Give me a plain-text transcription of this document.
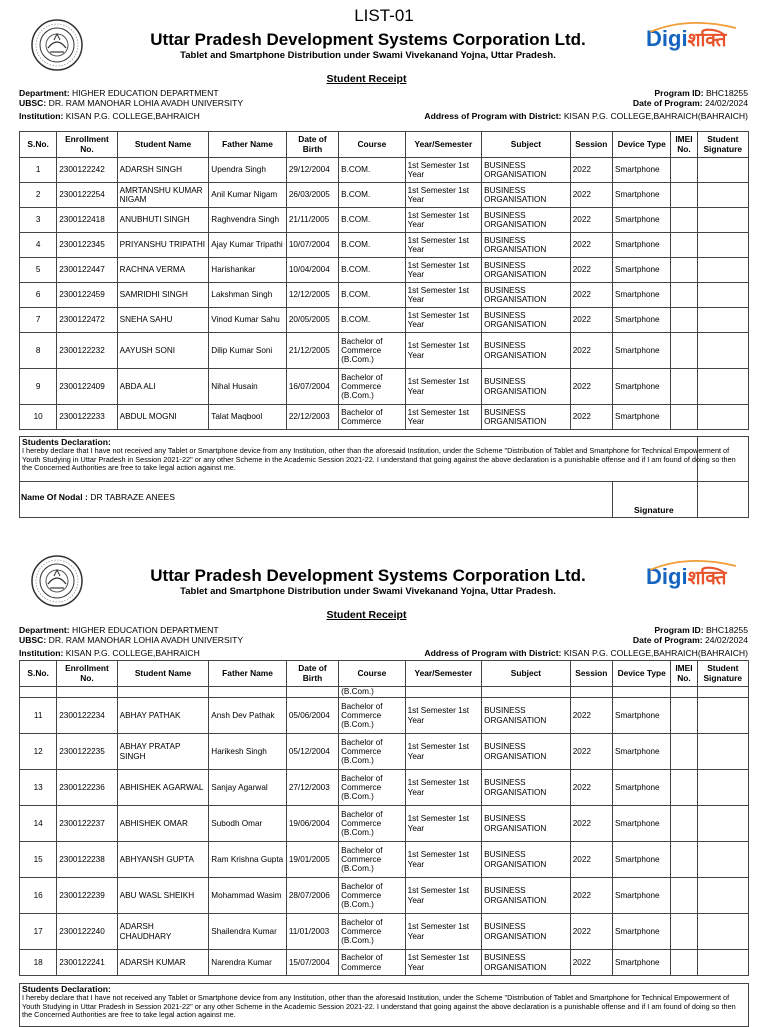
LIST-01
Digiशक्ति
Uttar Pradesh Development Systems Corporation Ltd.
Tablet and Smartphone Distribution under Swami Vivekanand Yojna, Uttar Pradesh.
Student Receipt
Department: HIGHER EDUCATION DEPARTMENT
UBSC: DR. RAM MANOHAR LOHIA AVADH UNIVERSITY
Institution: KISAN P.G. COLLEGE,BAHRAICH
Program ID: BHC18255
Date of Program: 24/02/2024
Address of Program with District: KISAN P.G. COLLEGE,BAHRAICH(BAHRAICH)
S.No.	Enrollment No.	Student Name	Father Name	Date of Birth	Course	Year/Semester	Subject	Session	Device Type	IMEI No.	Student Signature
1	2300122242	ADARSH SINGH	Upendra Singh	29/12/2004	B.COM.	1st Semester 1st Year	BUSINESS ORGANISATION	2022	Smartphone		
2	2300122254	AMRTANSHU KUMAR NIGAM	Anil Kumar Nigam	26/03/2005	B.COM.	1st Semester 1st Year	BUSINESS ORGANISATION	2022	Smartphone		
3	2300122418	ANUBHUTI SINGH	Raghvendra Singh	21/11/2005	B.COM.	1st Semester 1st Year	BUSINESS ORGANISATION	2022	Smartphone		
4	2300122345	PRIYANSHU TRIPATHI	Ajay Kumar Tripathi	10/07/2004	B.COM.	1st Semester 1st Year	BUSINESS ORGANISATION	2022	Smartphone		
5	2300122447	RACHNA VERMA	Harishankar	10/04/2004	B.COM.	1st Semester 1st Year	BUSINESS ORGANISATION	2022	Smartphone		
6	2300122459	SAMRIDHI SINGH	Lakshman Singh	12/12/2005	B.COM.	1st Semester 1st Year	BUSINESS ORGANISATION	2022	Smartphone		
7	2300122472	SNEHA SAHU	Vinod Kumar Sahu	20/05/2005	B.COM.	1st Semester 1st Year	BUSINESS ORGANISATION	2022	Smartphone		
8	2300122232	AAYUSH SONI	Dilip Kumar Soni	21/12/2005	Bachelor of Commerce (B.Com.)	1st Semester 1st Year	BUSINESS ORGANISATION	2022	Smartphone		
9	2300122409	ABDA ALI	Nihal Husain	16/07/2004	Bachelor of Commerce (B.Com.)	1st Semester 1st Year	BUSINESS ORGANISATION	2022	Smartphone		
10	2300122233	ABDUL MOGNI	Talat Maqbool	22/12/2003	Bachelor of Commerce	1st Semester 1st Year	BUSINESS ORGANISATION	2022	Smartphone		
Students Declaration:
I hereby declare that I have not received any Tablet or Smartphone device from any Institution, other than the aforesaid Institution, under the Scheme "Distribution of Tablet and Smartphone for Technical Empowerment of Youth Studying in Uttar Pradesh in Session 2021-22" or any other Scheme in the Academic Session 2021-22. I understand that going against the above declaration is a punishable offense and if I am found of doing so then the Concerned Authorities are free to take legal action against me.
Name Of Nodal : DR TABRAZE ANEES
Signature
Digiशक्ति
Uttar Pradesh Development Systems Corporation Ltd.
Tablet and Smartphone Distribution under Swami Vivekanand Yojna, Uttar Pradesh.
Student Receipt
Department: HIGHER EDUCATION DEPARTMENT
UBSC: DR. RAM MANOHAR LOHIA AVADH UNIVERSITY
Institution: KISAN P.G. COLLEGE,BAHRAICH
Program ID: BHC18255
Date of Program: 24/02/2024
Address of Program with District: KISAN P.G. COLLEGE,BAHRAICH(BAHRAICH)
S.No.	Enrollment No.	Student Name	Father Name	Date of Birth	Course	Year/Semester	Subject	Session	Device Type	IMEI No.	Student Signature
					(B.Com.)						
11	2300122234	ABHAY PATHAK	Ansh Dev Pathak	05/06/2004	Bachelor of Commerce (B.Com.)	1st Semester 1st Year	BUSINESS ORGANISATION	2022	Smartphone		
12	2300122235	ABHAY PRATAP SINGH	Harikesh Singh	05/12/2004	Bachelor of Commerce (B.Com.)	1st Semester 1st Year	BUSINESS ORGANISATION	2022	Smartphone		
13	2300122236	ABHISHEK AGARWAL	Sanjay Agarwal	27/12/2003	Bachelor of Commerce (B.Com.)	1st Semester 1st Year	BUSINESS ORGANISATION	2022	Smartphone		
14	2300122237	ABHISHEK OMAR	Subodh Omar	19/06/2004	Bachelor of Commerce (B.Com.)	1st Semester 1st Year	BUSINESS ORGANISATION	2022	Smartphone		
15	2300122238	ABHYANSH GUPTA	Ram Krishna Gupta	19/01/2005	Bachelor of Commerce (B.Com.)	1st Semester 1st Year	BUSINESS ORGANISATION	2022	Smartphone		
16	2300122239	ABU WASL SHEIKH	Mohammad Wasim	28/07/2006	Bachelor of Commerce (B.Com.)	1st Semester 1st Year	BUSINESS ORGANISATION	2022	Smartphone		
17	2300122240	ADARSH CHAUDHARY	Shailendra Kumar	11/01/2003	Bachelor of Commerce (B.Com.)	1st Semester 1st Year	BUSINESS ORGANISATION	2022	Smartphone		
18	2300122241	ADARSH KUMAR	Narendra Kumar	15/07/2004	Bachelor of Commerce	1st Semester 1st Year	BUSINESS ORGANISATION	2022	Smartphone		
Students Declaration:
I hereby declare that I have not received any Tablet or Smartphone device from any Institution, other than the aforesaid Institution, under the Scheme "Distribution of Tablet and Smartphone for Technical Empowerment of Youth Studying in Uttar Pradesh in Session 2021-22" or any other Scheme in the Academic Session 2021-22. I understand that going against the above declaration is a punishable offense and if I am found of doing so then the Concerned Authorities are free to take legal action against me.
